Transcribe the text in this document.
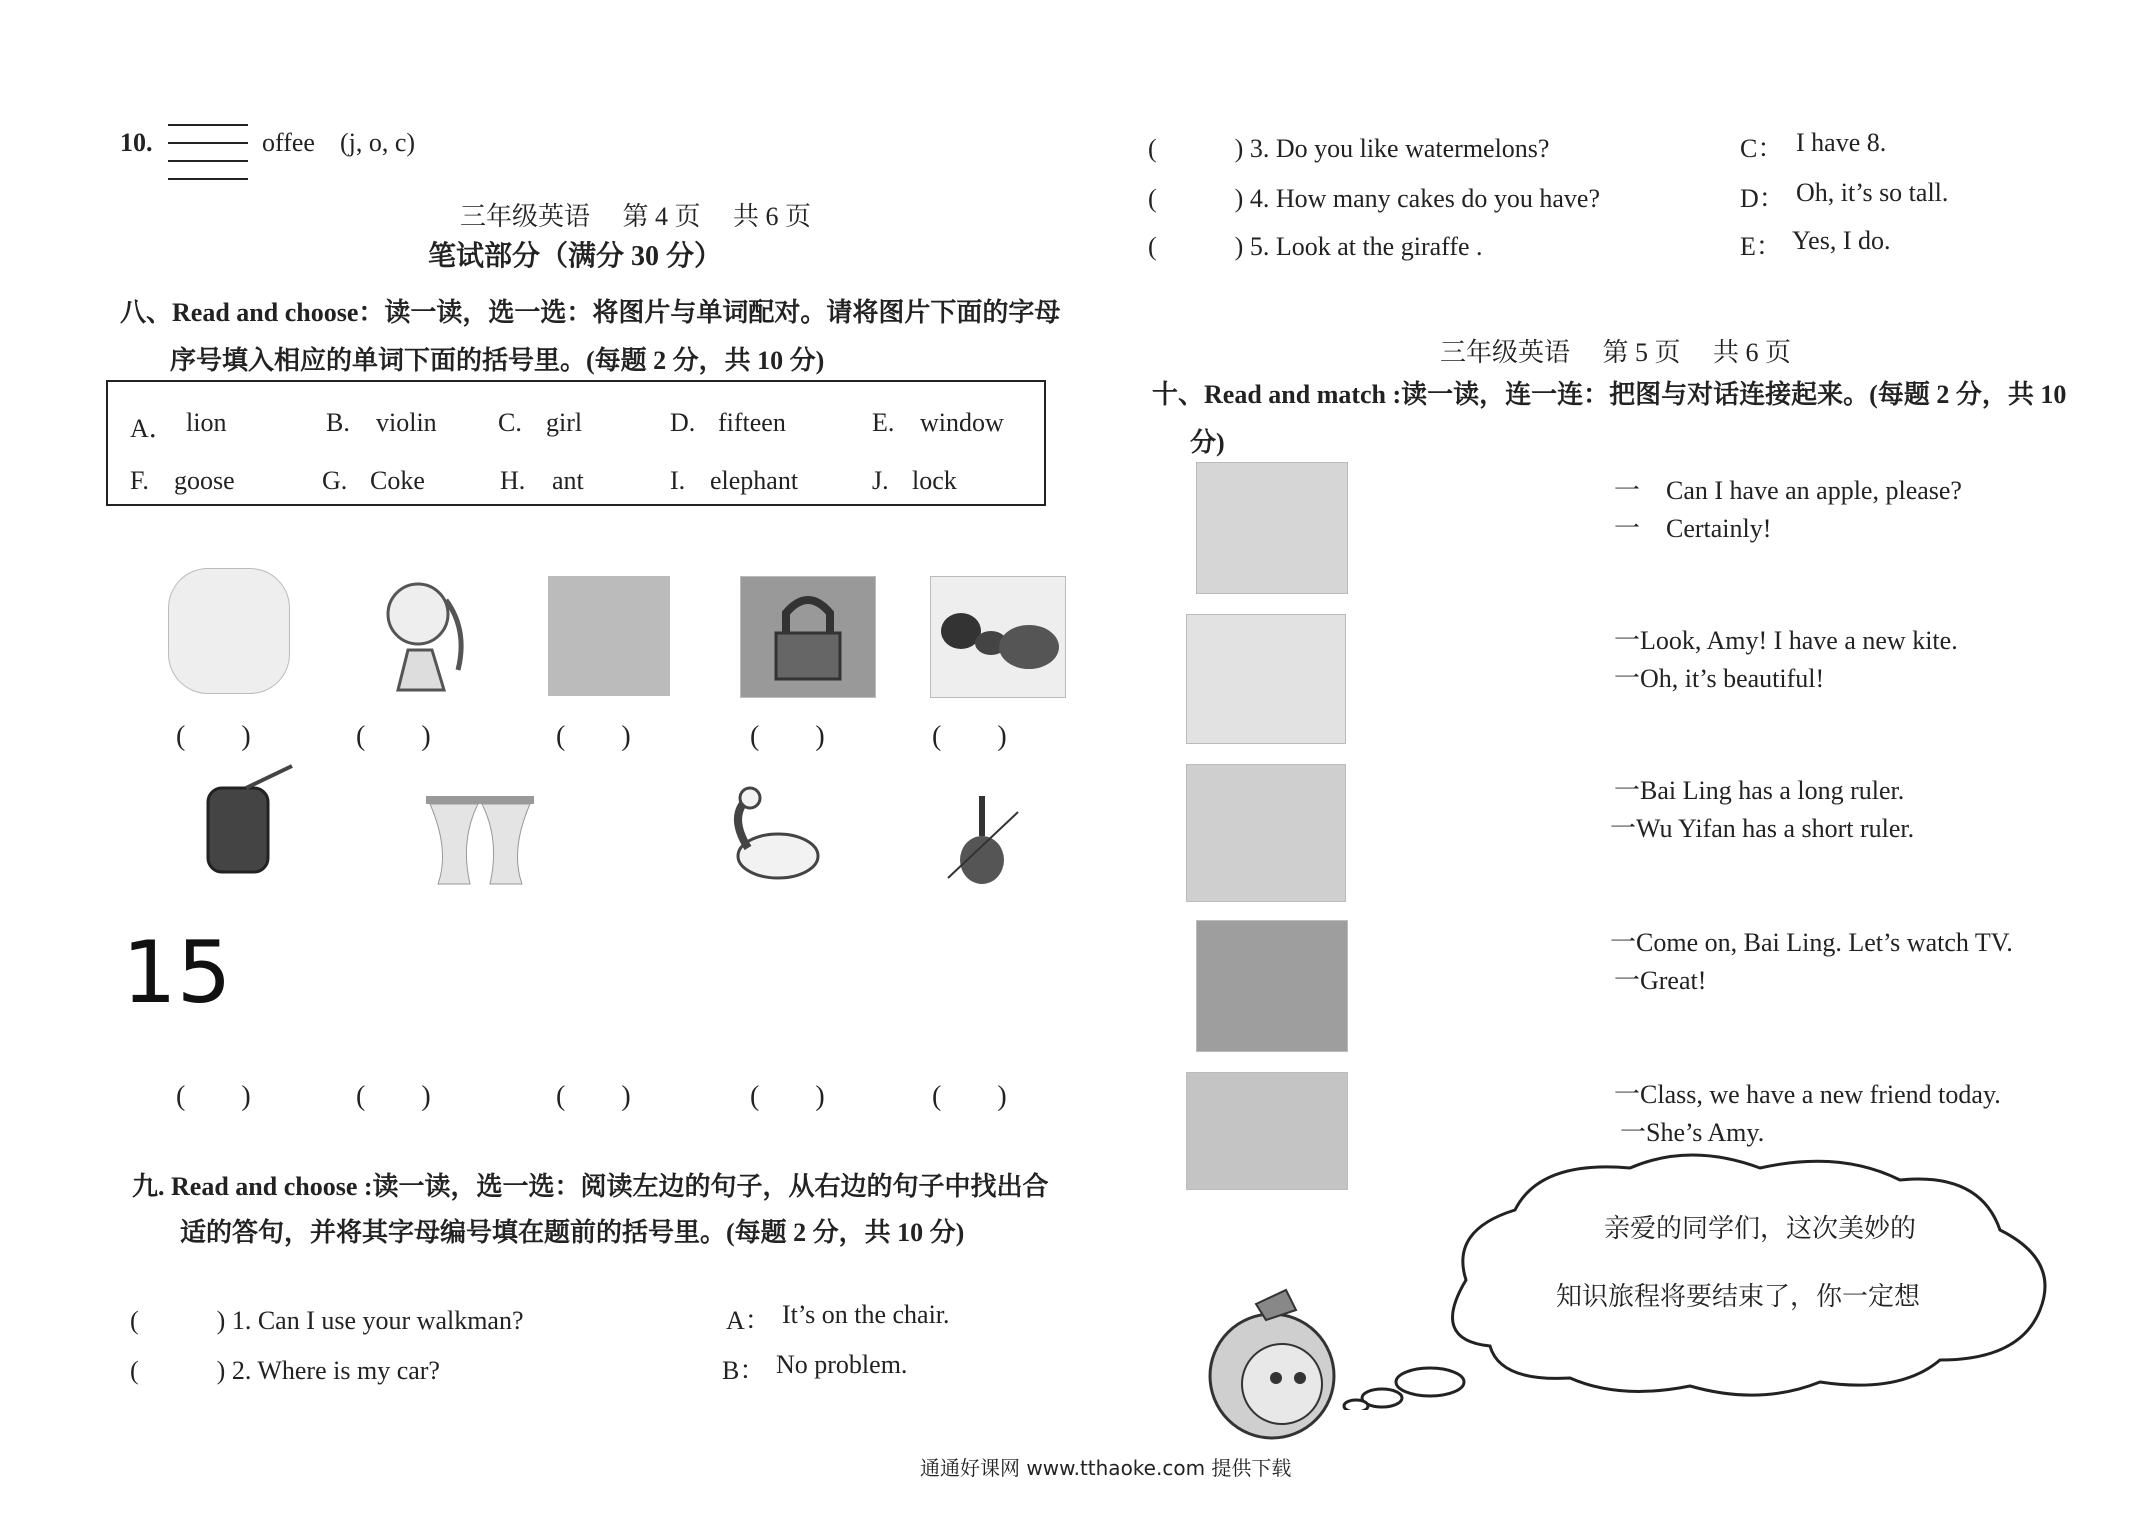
10.	offee (j, o, c)
三年级英语　 第 4 页　 共 6 页
笔试部分（满分 30 分）
八、Read and choose：读一读，选一选：将图片与单词配对。请将图片下面的字母
序号填入相应的单词下面的括号里。(每题 2 分，共 10 分)
A． lion	B. violin C. girl	D. fifteen	E. window
F. goose	G. Coke	H. ant	I. elephant	J. lock
(　　)	(　　)	(　　)	(　　)	(　　)
15
(　　)	(　　)	(　　)	(　　)	(　　)
九. Read and choose :读一读，选一选：阅读左边的句子，从右边的句子中找出合
适的答句，并将其字母编号填在题前的括号里。(每题 2 分，共 10 分)
(　　　) 1. Can I use your walkman?
(　　　) 2. Where is my car?
A： It’s on the chair.
B： No problem.
(　　　) 3. Do you like watermelons?
(　　　) 4. How many cakes do you have?
(　　　) 5. Look at the giraffe .
C： I have 8.
D： Oh, it’s so tall.
E： Yes, I do.
三年级英语　 第 5 页　 共 6 页
十、Read and match :读一读，连一连：把图与对话连接起来。(每题 2 分，共 10
分)
一　Can I have an apple, please?
一　Certainly!
一Look, Amy! I have a new kite.
一Oh, it’s beautiful!
一Bai Ling has a long ruler.
一Wu Yifan has a short ruler.
一Come on, Bai Ling. Let’s watch TV.
一Great!
一Class, we have a new friend today.
一She’s Amy.
亲爱的同学们，这次美妙的
知识旅程将要结束了，你一定想
通通好课网 www.tthaoke.com 提供下载
